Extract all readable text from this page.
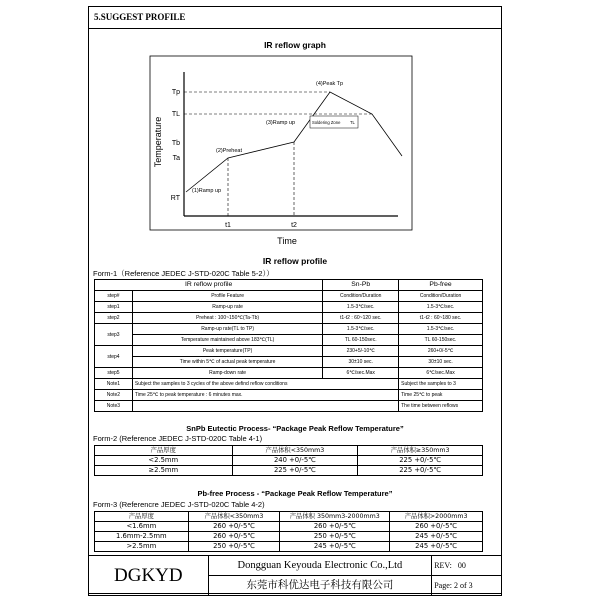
5.SUGGEST PROFILE
IR reflow graph
Tp
TL
Tb
Ta
RT
t1	t2
Time
Temperature
(1)Ramp up
(2)Preheat
(3)Ramp up
(4)Peak Tp
Soldering Zone TL
IR reflow profile
Form-1（Reference JEDEC J-STD-020C Table 5-2））
IR reflow profile		Sn-Pb	Pb-free
step#	Profile Feature	Condition/Duration	Condition/Duration
step1	Ramp-up rate	1.5-3℃/sec.	1.5-3℃/sec.
step2	Preheat : 100~150℃(Ta-Tb)	t1-t2 : 60~120 sec.	t1-t2 : 60~180 sec.
step3	Ramp-up rate(TL to TP)	1.5-3℃/sec.	1.5-3℃/sec.
	Temperature maintained above 183℃(TL)	TL 60-150sec.	TL 60-150sec.
step4	Peak temperature(TP)	230+5/-10℃	260+0/-5℃
	Time within 5℃ of actual peak temperature	30±10 sec.	30±10 sec.
step5	Ramp-down rate	6℃/sec.Max	6℃/sec.Max
Note1	Subject the samples to 3 cycles of the above defind reflow conditions		Subject the samples to 3
Note2	Time 25℃ to peak temperature : 6 minutes max.		Time 25℃ to peak
Note3			The time between reflows
SnPb Eutectic Process- “Package Peak Reflow Temperature”
Form-2 (Reference JEDEC J-STD-020C Table 4-1)
产品厚度	产品体积<350mm3	产品体积≥350mm3
<2.5mm	240 +0/-5℃	225 +0/-5℃
≥2.5mm	225 +0/-5℃	225 +0/-5℃
Pb-free Process - “Package Peak Reflow Temperature”
Form-3 (Referencre JEDEC J-STD-020C Table 4-2)
产品厚度	产品体积<350mm3	产品体积 350mm3-2000mm3	产品体积>2000mm3
<1.6mm	260 +0/-5℃	260 +0/-5℃	260 +0/-5℃
1.6mm-2.5mm	260 +0/-5℃	250 +0/-5℃	245 +0/-5℃
>2.5mm	250 +0/-5℃	245 +0/-5℃	245 +0/-5℃
DGKYD	Dongguan Keyouda Electronic Co.,Ltd	REV: 00
	东莞市科优达电子科技有限公司	Page: 2 of 3
